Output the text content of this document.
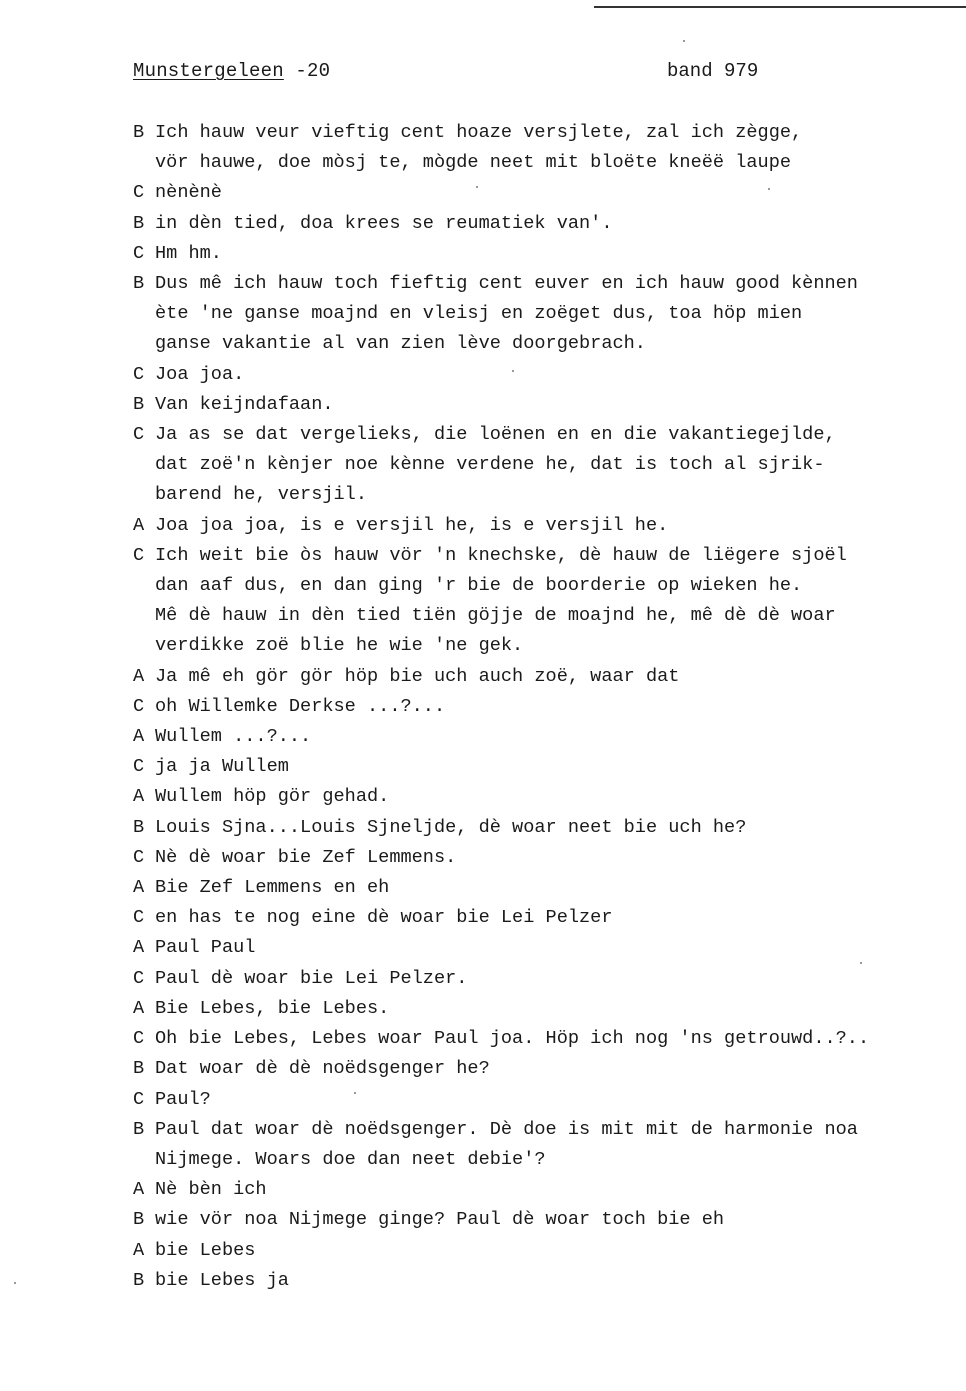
Munstergeleen -20	band 979
B Ich hauw veur vieftig cent hoaze versjlete, zal ich zègge,
vör hauwe, doe mòsj te, mògde neet mit bloëte kneëë laupe
C nènènè
B in dèn tied, doa krees se reumatiek van'.
C Hm hm.
B Dus mê ich hauw toch fieftig cent euver en ich hauw good kènnen
ète 'ne ganse moajnd en vleisj en zoëget dus, toa höp mien
ganse vakantie al van zien lève doorgebrach.
C Joa joa.
B Van keijndafaan.
C Ja as se dat vergelieks, die loënen en en die vakantiegejlde,
dat zoë'n kènjer noe kènne verdene he, dat is toch al sjrik-
barend he, versjil.
A Joa joa joa, is e versjil he, is e versjil he.
C Ich weit bie òs hauw vör 'n knechske, dè hauw de liëgere sjoël
dan aaf dus, en dan ging 'r bie de boorderie op wieken he.
Mê dè hauw in dèn tied tiën göjje de moajnd he, mê dè dè woar
verdikke zoë blie he wie 'ne gek.
A Ja mê eh gör gör höp bie uch auch zoë, waar dat
C oh Willemke Derkse ...?...
A Wullem ...?...
C ja ja Wullem
A Wullem höp gör gehad.
B Louis Sjna...Louis Sjneljde, dè woar neet bie uch he?
C Nè dè woar bie Zef Lemmens.
A Bie Zef Lemmens en eh
C en has te nog eine dè woar bie Lei Pelzer
A Paul Paul
C Paul dè woar bie Lei Pelzer.
A Bie Lebes, bie Lebes.
C Oh bie Lebes, Lebes woar Paul joa. Höp ich nog 'ns getrouwd..?..
B Dat woar dè dè noëdsgenger he?
C Paul?
B Paul dat woar dè noëdsgenger. Dè doe is mit mit de harmonie noa
Nijmege. Woars doe dan neet debie'?
A Nè bèn ich
B wie vör noa Nijmege ginge? Paul dè woar toch bie eh
A bie Lebes
B bie Lebes ja
